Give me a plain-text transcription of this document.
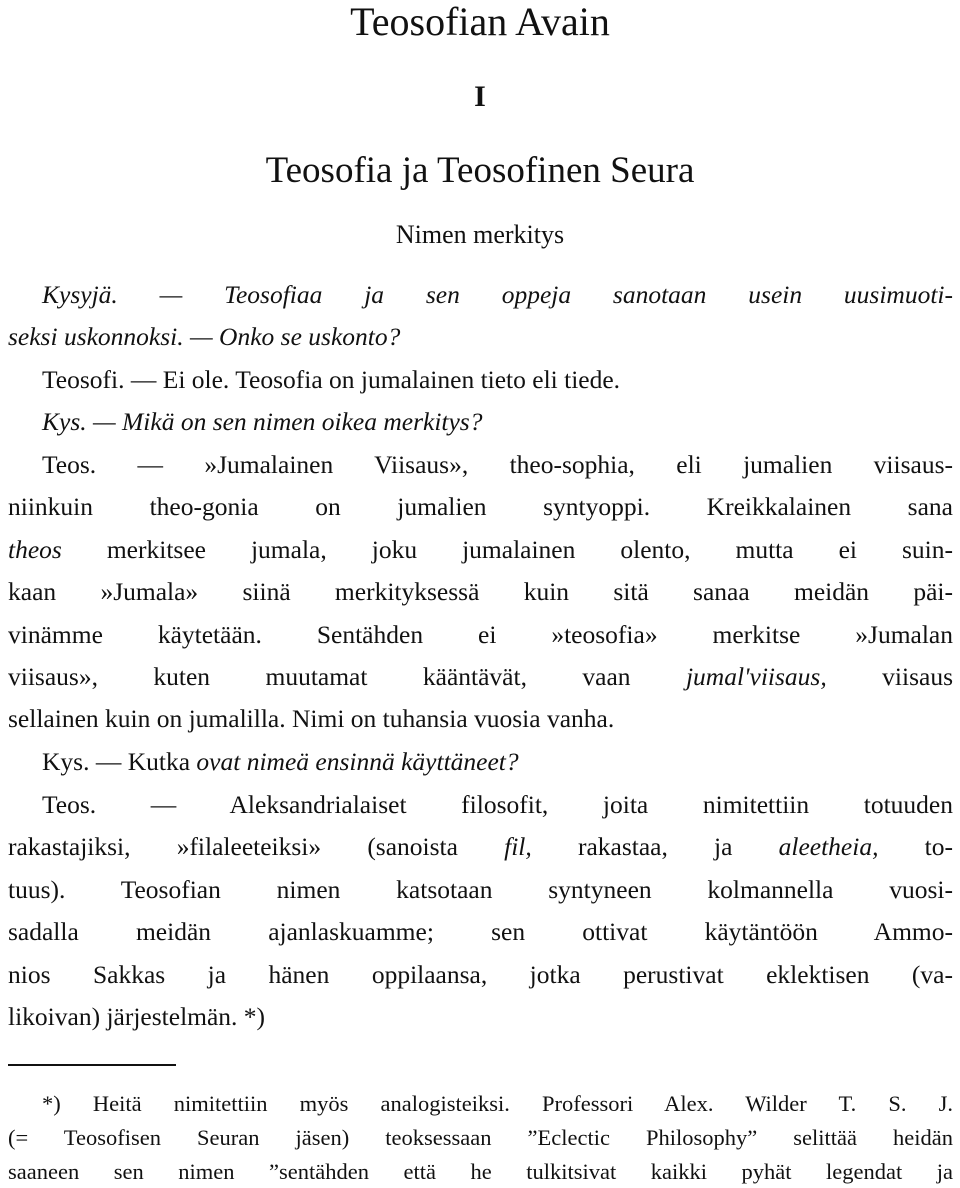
Teosofian Avain
I
Teosofia ja Teosofinen Seura
Nimen merkitys
Kysyjä. — Teosofiaa ja sen oppeja sanotaan usein uusimuoti-
seksi uskonnoksi. — Onko se uskonto?
Teosofi. — Ei ole. Teosofia on jumalainen tieto eli tiede.
Kys. — Mikä on sen nimen oikea merkitys?
Teos. — »Jumalainen Viisaus», theo-sophia, eli jumalien viisaus-
niinkuin theo-gonia on jumalien syntyoppi. Kreikkalainen sana
theos merkitsee jumala, joku jumalainen olento, mutta ei suin-
kaan »Jumala» siinä merkityksessä kuin sitä sanaa meidän päi-
vinämme käytetään. Sentähden ei »teosofia» merkitse »Jumalan
viisaus», kuten muutamat kääntävät, vaan jumal'viisaus, viisaus
sellainen kuin on jumalilla. Nimi on tuhansia vuosia vanha.
Kys. — Kutka ovat nimeä ensinnä käyttäneet?
Teos. — Aleksandrialaiset filosofit, joita nimitettiin totuuden
rakastajiksi, »filaleeteiksi» (sanoista fil, rakastaa, ja aleetheia, to-
tuus). Teosofian nimen katsotaan syntyneen kolmannella vuosi-
sadalla meidän ajanlaskuamme; sen ottivat käytäntöön Ammo-
nios Sakkas ja hänen oppilaansa, jotka perustivat eklektisen (va-
likoivan) järjestelmän. *)
*) Heitä nimitettiin myös analogisteiksi. Professori Alex. Wilder T. S. J.
(= Teosofisen Seuran jäsen) teoksessaan ”Eclectic Philosophy” selittää heidän
saaneen sen nimen ”sentähden että he tulkitsivat kaikki pyhät legendat ja
